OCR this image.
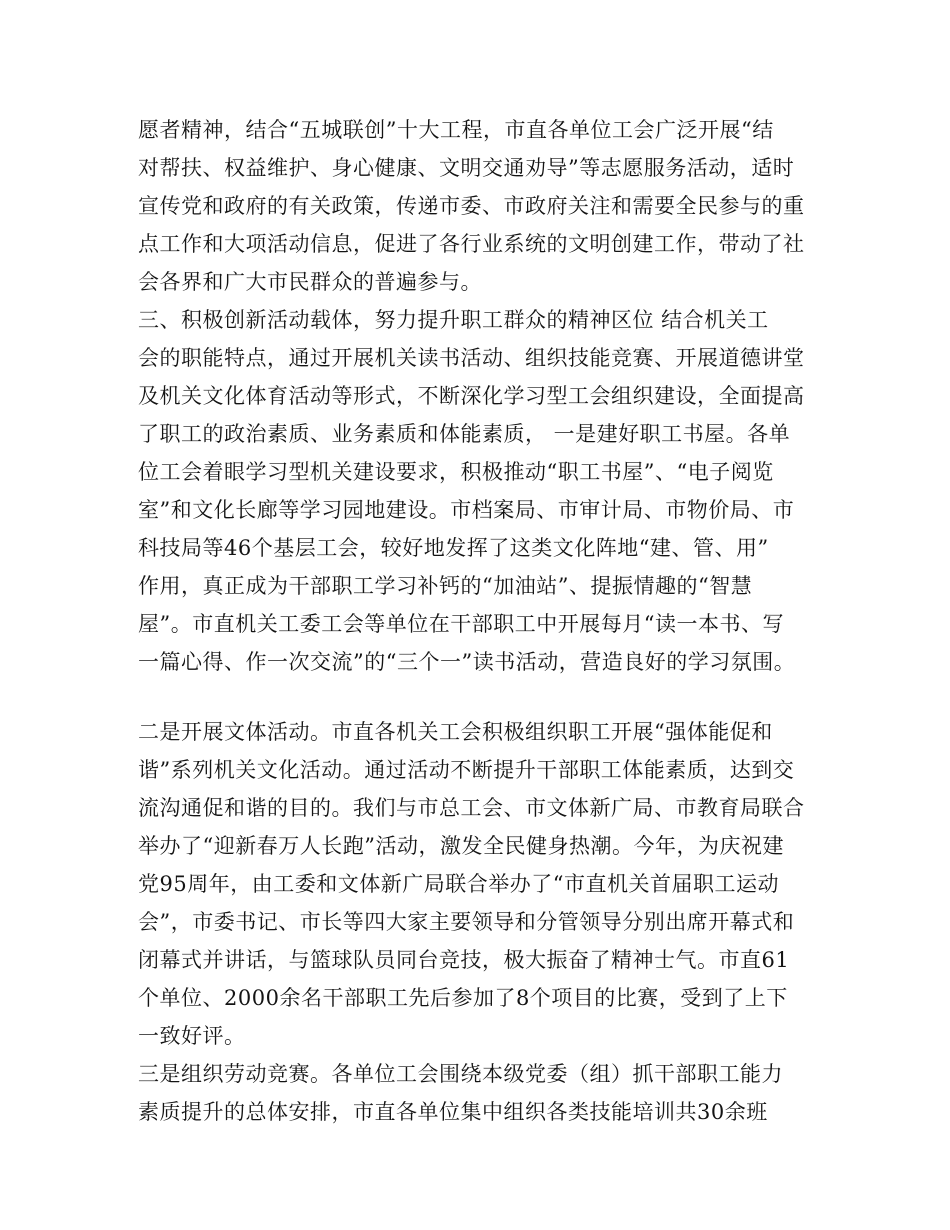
愿者精神，结合“五城联创”十大工程，市直各单位工会广泛开展“结
对帮扶、权益维护、身心健康、文明交通劝导”等志愿服务活动，适时
宣传党和政府的有关政策，传递市委、市政府关注和需要全民参与的重
点工作和大项活动信息，促进了各行业系统的文明创建工作，带动了社
会各界和广大市民群众的普遍参与。
三、积极创新活动载体，努力提升职工群众的精神区位 结合机关工
会的职能特点，通过开展机关读书活动、组织技能竞赛、开展道德讲堂
及机关文化体育活动等形式，不断深化学习型工会组织建设，全面提高
了职工的政治素质、业务素质和体能素质， 一是建好职工书屋。各单
位工会着眼学习型机关建设要求，积极推动“职工书屋”、“电子阅览
室”和文化长廊等学习园地建设。市档案局、市审计局、市物价局、市
科技局等46个基层工会，较好地发挥了这类文化阵地“建、管、用”
作用，真正成为干部职工学习补钙的“加油站”、提振情趣的“智慧
屋”。市直机关工委工会等单位在干部职工中开展每月“读一本书、写
一篇心得、作一次交流”的“三个一”读书活动，营造良好的学习氛围。
二是开展文体活动。市直各机关工会积极组织职工开展“强体能促和
谐”系列机关文化活动。通过活动不断提升干部职工体能素质，达到交
流沟通促和谐的目的。我们与市总工会、市文体新广局、市教育局联合
举办了“迎新春万人长跑”活动，激发全民健身热潮。今年，为庆祝建
党95周年，由工委和文体新广局联合举办了“市直机关首届职工运动
会”，市委书记、市长等四大家主要领导和分管领导分别出席开幕式和
闭幕式并讲话，与篮球队员同台竞技，极大振奋了精神士气。市直61
个单位、2000余名干部职工先后参加了8个项目的比赛，受到了上下
一致好评。
三是组织劳动竞赛。各单位工会围绕本级党委（组）抓干部职工能力
素质提升的总体安排，市直各单位集中组织各类技能培训共30余班
